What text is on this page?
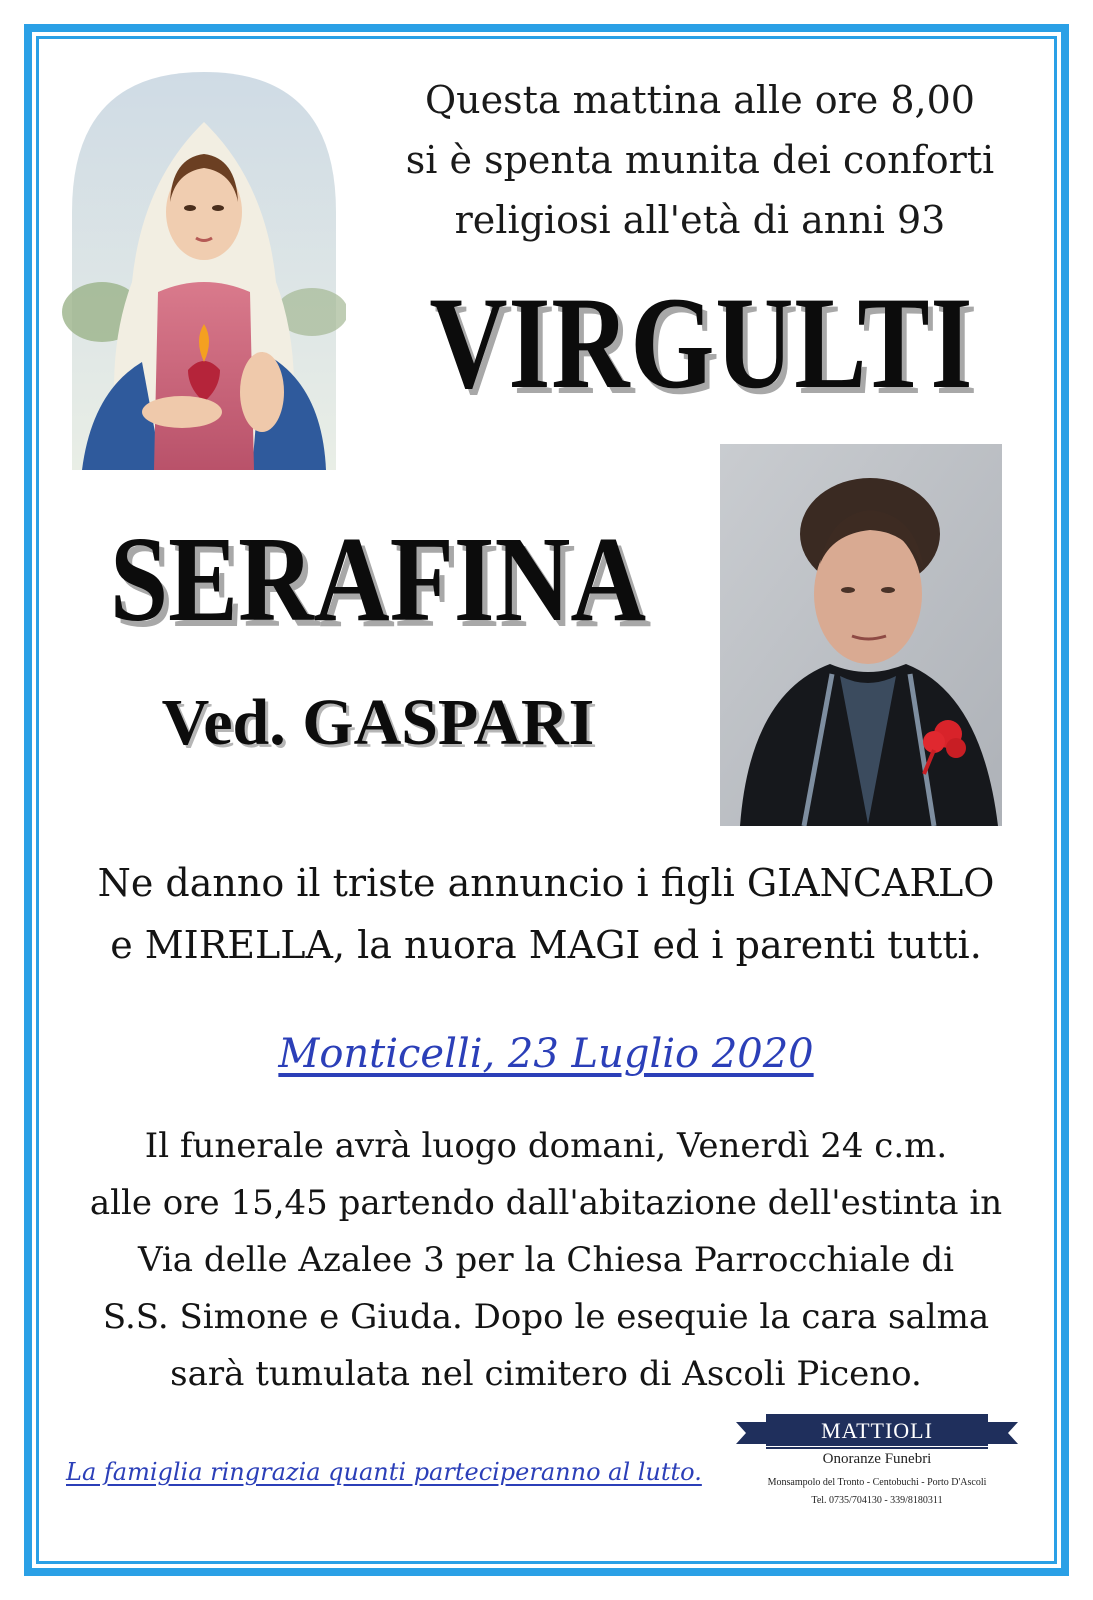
Questa mattina alle ore 8,00
si è spenta munita dei conforti
religiosi all'età di anni 93
VIRGULTI
SERAFINA
Ved. GASPARI
Ne danno il triste annuncio i figli GIANCARLO
e MIRELLA, la nuora MAGI ed i parenti tutti.
Monticelli, 23 Luglio 2020
Il funerale avrà luogo domani, Venerdì 24 c.m.
alle ore 15,45 partendo dall'abitazione dell'estinta in
Via delle Azalee 3 per la Chiesa Parrocchiale di
S.S. Simone e Giuda. Dopo le esequie la cara salma
sarà tumulata nel cimitero di Ascoli Piceno.
La famiglia ringrazia quanti parteciperanno al lutto.
MATTIOLI
Onoranze Funebri
Monsampolo del Tronto - Centobuchi - Porto D'Ascoli
Tel. 0735/704130 - 339/8180311
